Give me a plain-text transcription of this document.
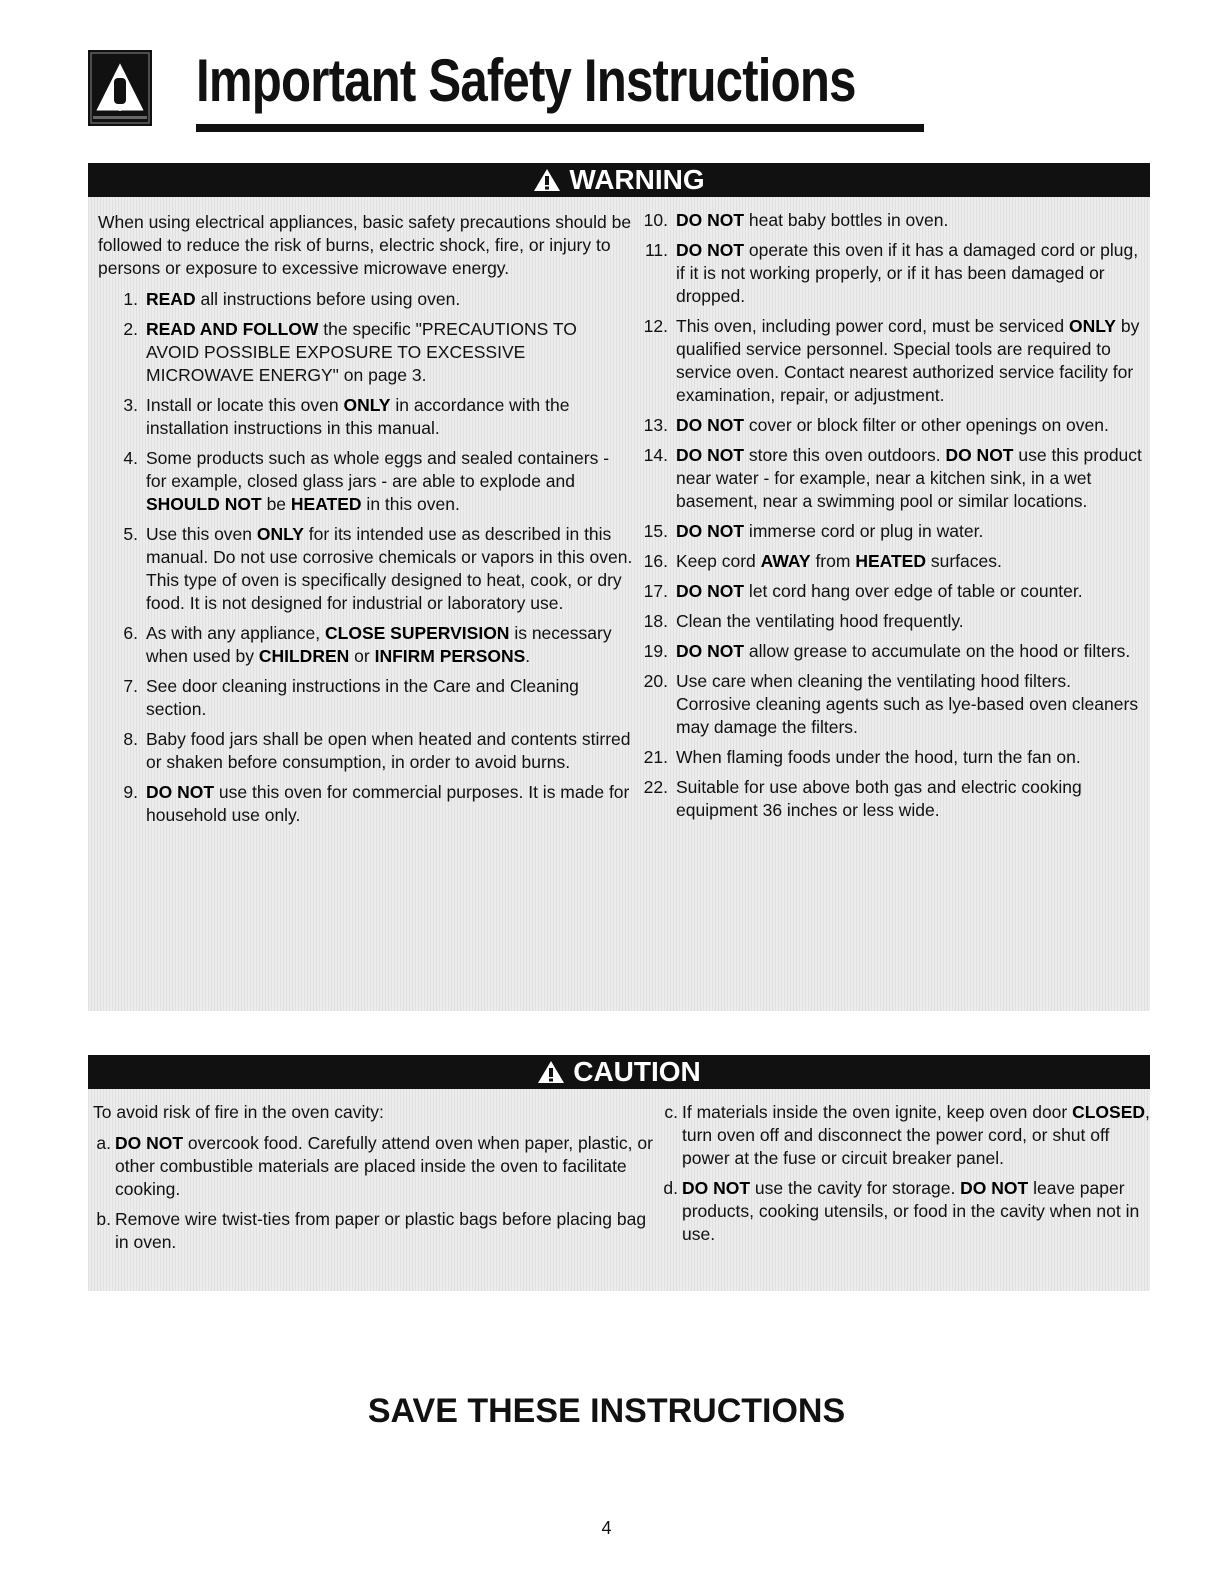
Important Safety Instructions
WARNING

When using electrical appliances, basic safety precautions should be followed to reduce the risk of burns, electric shock, fire, or injury to persons or exposure to excessive microwave energy.

1. READ all instructions before using oven.
2. READ AND FOLLOW the specific "PRECAUTIONS TO AVOID POSSIBLE EXPOSURE TO EXCESSIVE MICROWAVE ENERGY" on page 3.
3. Install or locate this oven ONLY in accordance with the installation instructions in this manual.
4. Some products such as whole eggs and sealed containers - for example, closed glass jars - are able to explode and SHOULD NOT be HEATED in this oven.
5. Use this oven ONLY for its intended use as described in this manual. Do not use corrosive chemicals or vapors in this oven. This type of oven is specifically designed to heat, cook, or dry food. It is not designed for industrial or laboratory use.
6. As with any appliance, CLOSE SUPERVISION is necessary when used by CHILDREN or INFIRM PERSONS.
7. See door cleaning instructions in the Care and Cleaning section.
8. Baby food jars shall be open when heated and contents stirred or shaken before consumption, in order to avoid burns.
9. DO NOT use this oven for commercial purposes. It is made for household use only.
10. DO NOT heat baby bottles in oven.
11. DO NOT operate this oven if it has a damaged cord or plug, if it is not working properly, or if it has been damaged or dropped.
12. This oven, including power cord, must be serviced ONLY by qualified service personnel. Special tools are required to service oven. Contact nearest authorized service facility for examination, repair, or adjustment.
13. DO NOT cover or block filter or other openings on oven.
14. DO NOT store this oven outdoors. DO NOT use this product near water - for example, near a kitchen sink, in a wet basement, near a swimming pool or similar locations.
15. DO NOT immerse cord or plug in water.
16. Keep cord AWAY from HEATED surfaces.
17. DO NOT let cord hang over edge of table or counter.
18. Clean the ventilating hood frequently.
19. DO NOT allow grease to accumulate on the hood or filters.
20. Use care when cleaning the ventilating hood filters. Corrosive cleaning agents such as lye-based oven cleaners may damage the filters.
21. When flaming foods under the hood, turn the fan on.
22. Suitable for use above both gas and electric cooking equipment 36 inches or less wide.
CAUTION

To avoid risk of fire in the oven cavity:

a. DO NOT overcook food. Carefully attend oven when paper, plastic, or other combustible materials are placed inside the oven to facilitate cooking.
b. Remove wire twist-ties from paper or plastic bags before placing bag in oven.
c. If materials inside the oven ignite, keep oven door CLOSED, turn oven off and disconnect the power cord, or shut off power at the fuse or circuit breaker panel.
d. DO NOT use the cavity for storage. DO NOT leave paper products, cooking utensils, or food in the cavity when not in use.
SAVE THESE INSTRUCTIONS
4
